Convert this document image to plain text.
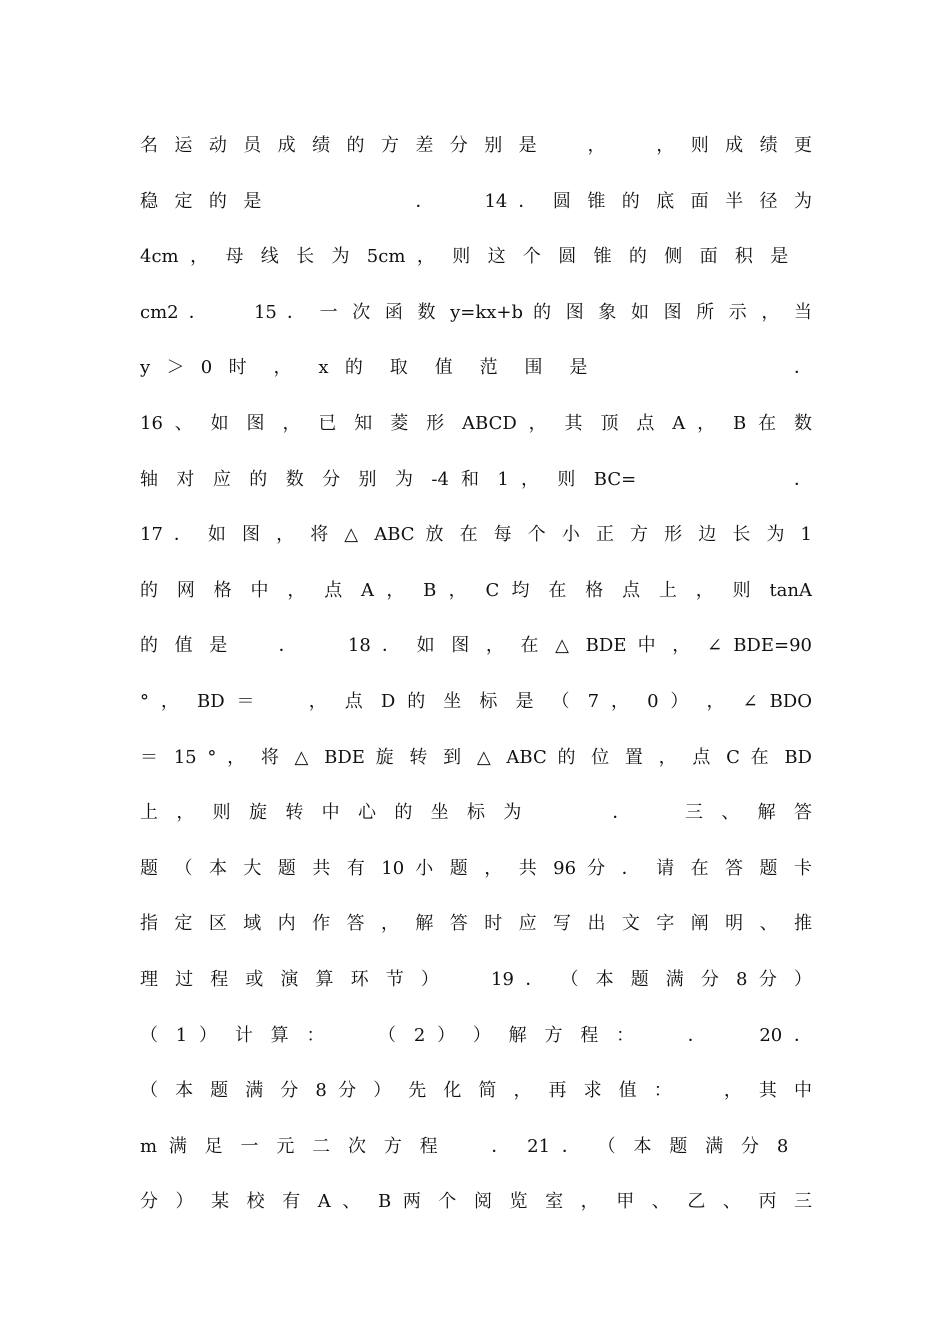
名 运 动 员 成 绩 的 方 差 分 别 是 　 ， 　 ， 则 成 绩 更
稳 定 的 是 　 　 　 　 ． 　 14 ． 圆 锥 的 底 面 半 径 为
4cm ， 母 线 长 为 5cm ， 则 这 个 圆 锥 的 侧 面 积 是 　
cm2 ． 　 15 ． 一 次 函 数 y=kx+b 的 图 象 如 图 所 示 ， 当
y ＞ 0 时 ， x 的 取 值 范 围 是 　 　 　 　 ．
16 、 如 图 ， 已 知 菱 形 ABCD ， 其 顶 点 A ， B 在 数
轴 对 应 的 数 分 别 为 -4 和 1 ， 则 BC= 　 　 　 　 ．
17 ． 如 图 ， 将 △ ABC 放 在 每 个 小 正 方 形 边 长 为 1
的 网 格 中 ， 点 A ， B ， C 均 在 格 点 上 ， 则 tanA
的 值 是 　 ． 　 18 ． 如 图 ， 在 △ BDE 中 ， ∠ BDE=90
° ， BD ＝ 　 ， 点 D 的 坐 标 是 （ 7 ， 0 ） ， ∠ BDO
＝ 15 ° ， 将 △ BDE 旋 转 到 △ ABC 的 位 置 ， 点 C 在 BD
上 ， 则 旋 转 中 心 的 坐 标 为 　 　 ． 　 三 、 解 答
题 （ 本 大 题 共 有 10 小 题 ， 共 96 分 ． 请 在 答 题 卡
指 定 区 域 内 作 答 ， 解 答 时 应 写 出 文 字 阐 明 、 推
理 过 程 或 演 算 环 节 ） 　 19 ． （ 本 题 满 分 8 分 ）
（ 1 ） 计 算 ： 　 （ 2 ） ） 解 方 程 ： 　 ． 　 20 ．
（ 本 题 满 分 8 分 ） 先 化 简 ， 再 求 值 ： 　 ， 其 中
m 满 足 一 元 二 次 方 程 　 ． 21 ． （ 本 题 满 分 8 　
分 ） 某 校 有 A 、 B 两 个 阅 览 室 ， 甲 、 乙 、 丙 三
